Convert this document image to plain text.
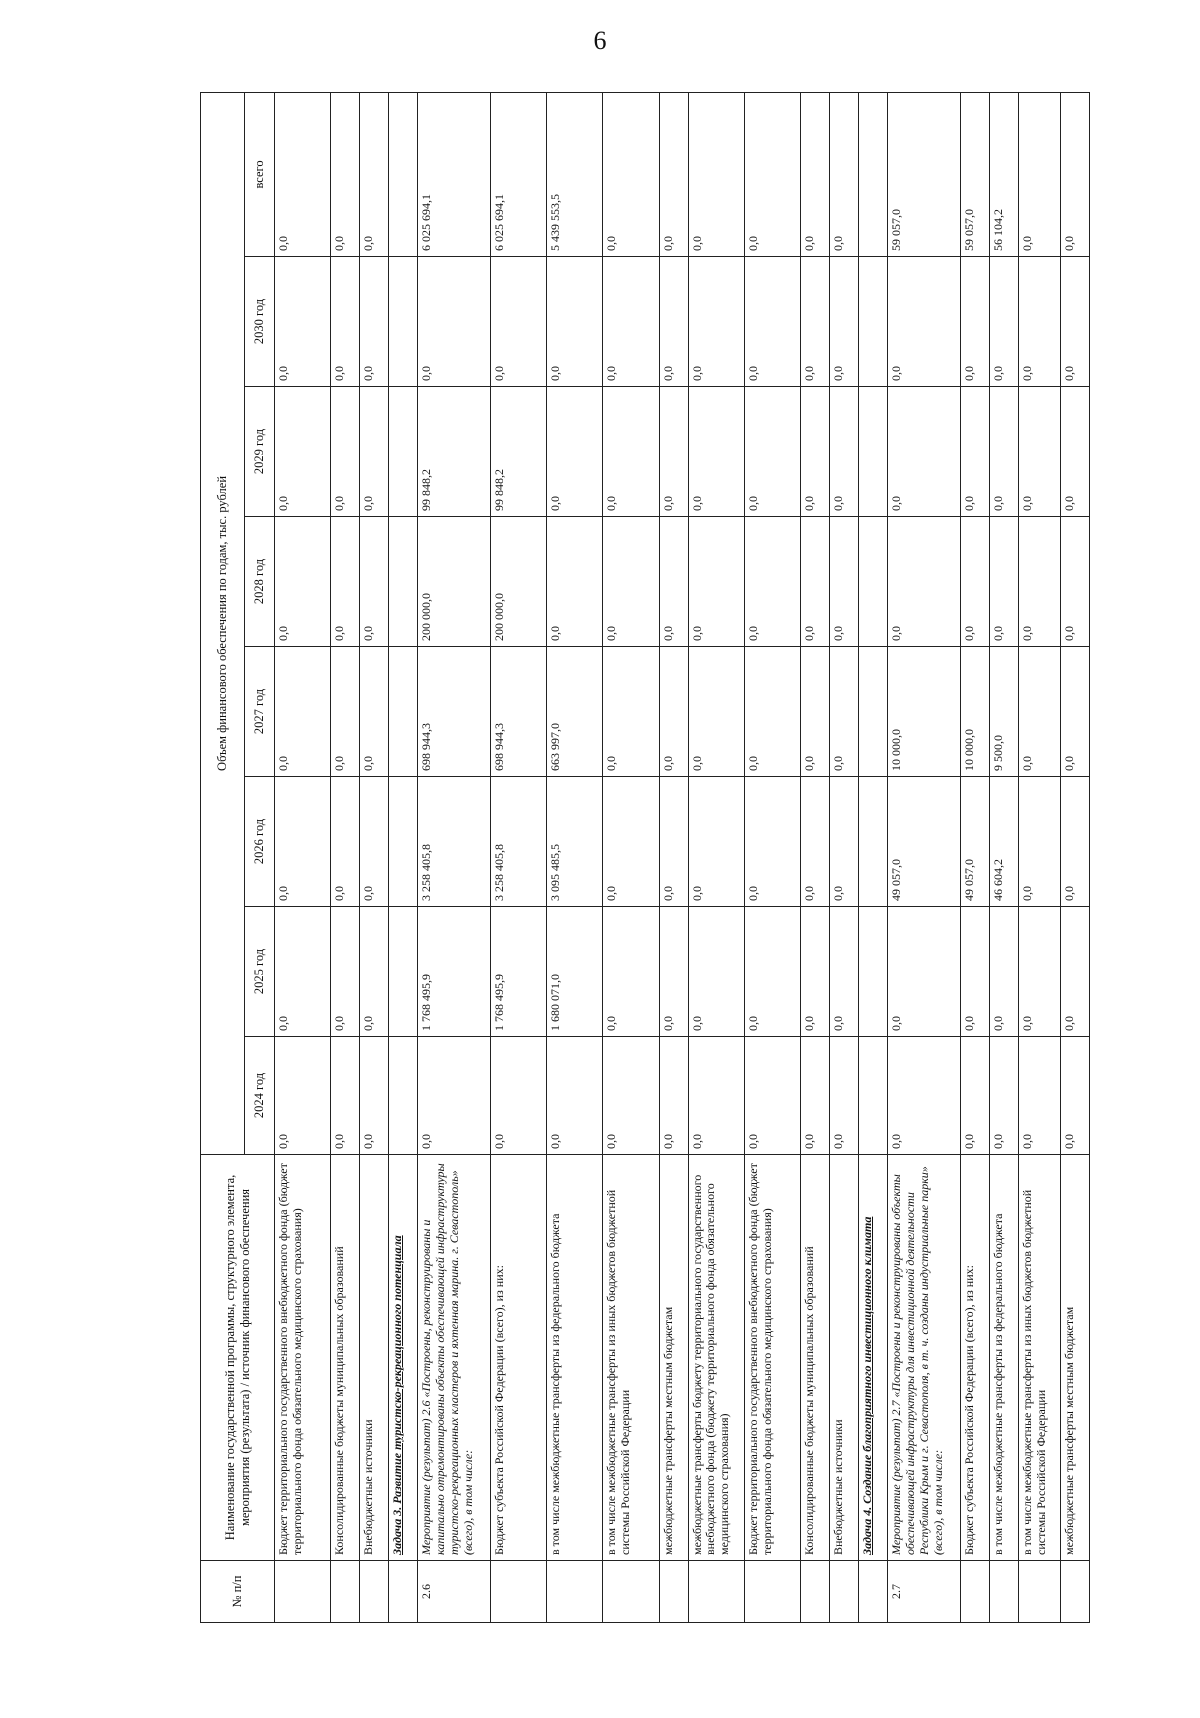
6
№ п/п	Наименование государственной программы, структурного элемента, мероприятия (результата) / источник финансового обеспечения	Объем финансового обеспечения по годам, тыс. рублей							
		2024 год	2025 год	2026 год	2027 год	2028 год	2029 год	2030 год	всего
	Бюджет территориального государственного внебюджетного фонда (бюджет территориального фонда обязательного медицинского страхования)	0,0	0,0	0,0	0,0	0,0	0,0	0,0	0,0
	Консолидированные бюджеты муниципальных образований	0,0	0,0	0,0	0,0	0,0	0,0	0,0	0,0
	Внебюджетные источники	0,0	0,0	0,0	0,0	0,0	0,0	0,0	0,0
	Задача 3. Развитие туристско-рекреационного потенциала								
2.6	Мероприятие (результат) 2.6 «Построены, реконструированы и капитально отремонтированы объекты обеспечивающей инфраструктуры туристско-рекреационных кластеров и яхтенная марина. г. Севастополь» (всего), в том числе:	0,0	1 768 495,9	3 258 405,8	698 944,3	200 000,0	99 848,2	0,0	6 025 694,1
	Бюджет субъекта Российской Федерации (всего), из них:	0,0	1 768 495,9	3 258 405,8	698 944,3	200 000,0	99 848,2	0,0	6 025 694,1
	в том числе межбюджетные трансферты из федерального бюджета	0,0	1 680 071,0	3 095 485,5	663 997,0	0,0	0,0	0,0	5 439 553,5
	в том числе межбюджетные трансферты из иных бюджетов бюджетной системы Российской Федерации	0,0	0,0	0,0	0,0	0,0	0,0	0,0	0,0
	межбюджетные трансферты местным бюджетам	0,0	0,0	0,0	0,0	0,0	0,0	0,0	0,0
	межбюджетные трансферты бюджету территориального государственного внебюджетного фонда (бюджету территориального фонда обязательного медицинского страхования)	0,0	0,0	0,0	0,0	0,0	0,0	0,0	0,0
	Бюджет территориального государственного внебюджетного фонда (бюджет территориального фонда обязательного медицинского страхования)	0,0	0,0	0,0	0,0	0,0	0,0	0,0	0,0
	Консолидированные бюджеты муниципальных образований	0,0	0,0	0,0	0,0	0,0	0,0	0,0	0,0
	Внебюджетные источники	0,0	0,0	0,0	0,0	0,0	0,0	0,0	0,0
	Задача 4. Создание благоприятного инвестиционного климата								
2.7	Мероприятие (результат) 2.7 «Построены и реконструированы объекты обеспечивающей инфраструктуры для инвестиционной деятельности Республики Крым и г. Севастополя, в т. ч. созданы индустриальные парки» (всего), в том числе:	0,0	0,0	49 057,0	10 000,0	0,0	0,0	0,0	59 057,0
	Бюджет субъекта Российской Федерации (всего), из них:	0,0	0,0	49 057,0	10 000,0	0,0	0,0	0,0	59 057,0
	в том числе межбюджетные трансферты из федерального бюджета	0,0	0,0	46 604,2	9 500,0	0,0	0,0	0,0	56 104,2
	в том числе межбюджетные трансферты из иных бюджетов бюджетной системы Российской Федерации	0,0	0,0	0,0	0,0	0,0	0,0	0,0	0,0
	межбюджетные трансферты местным бюджетам	0,0	0,0	0,0	0,0	0,0	0,0	0,0	0,0
